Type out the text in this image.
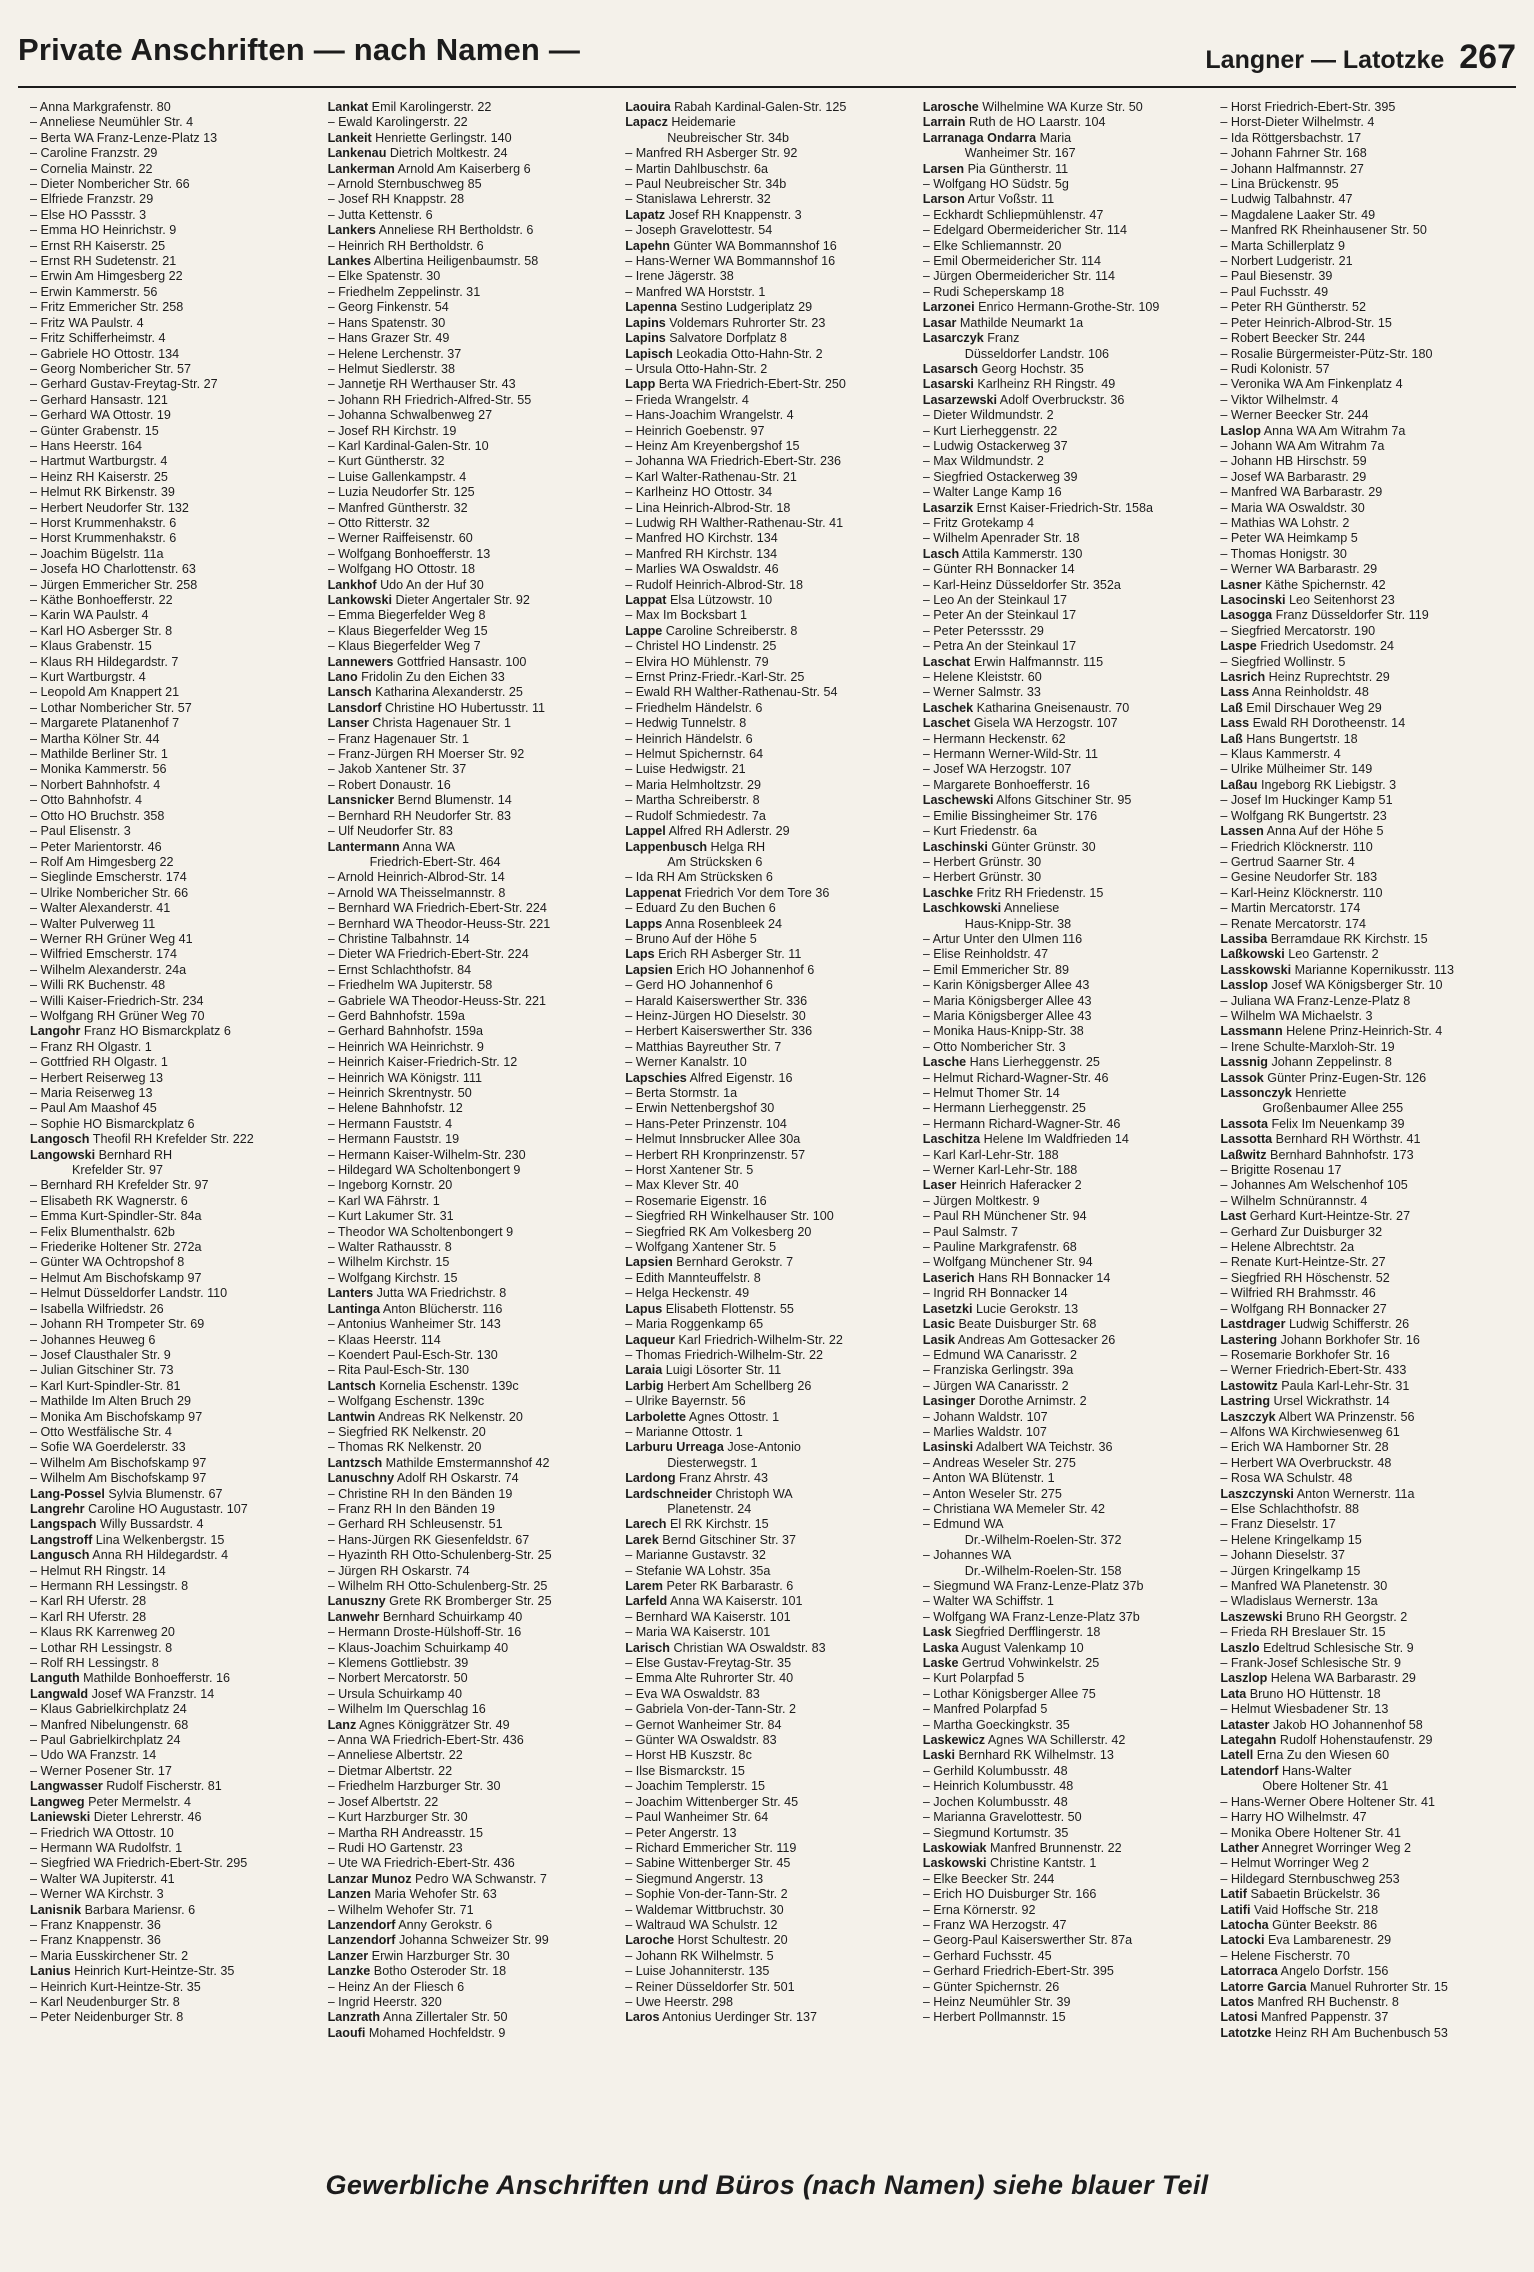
Private Anschriften — nach Namen —	Langner — Latotzke 267
– Anna Markgrafenstr. 80
– Anneliese Neumühler Str. 4
– Berta WA Franz-Lenze-Platz 13
– Caroline Franzstr. 29
– Cornelia Mainstr. 22
– Dieter Nombericher Str. 66
– Elfriede Franzstr. 29
– Else HO Passstr. 3
– Emma HO Heinrichstr. 9
– Ernst RH Kaiserstr. 25
– Ernst RH Sudetenstr. 21
– Erwin Am Himgesberg 22
– Erwin Kammerstr. 56
– Fritz Emmericher Str. 258
– Fritz WA Paulstr. 4
– Fritz Schifferheimstr. 4
– Gabriele HO Ottostr. 134
– Georg Nombericher Str. 57
– Gerhard Gustav-Freytag-Str. 27
– Gerhard Hansastr. 121
– Gerhard WA Ottostr. 19
– Günter Grabenstr. 15
– Hans Heerstr. 164
– Hartmut Wartburgstr. 4
– Heinz RH Kaiserstr. 25
– Helmut RK Birkenstr. 39
– Herbert Neudorfer Str. 132
– Horst Krummenhakstr. 6
– Horst Krummenhakstr. 6
– Joachim Bügelstr. 11a
– Josefa HO Charlottenstr. 63
– Jürgen Emmericher Str. 258
– Käthe Bonhoefferstr. 22
– Karin WA Paulstr. 4
– Karl HO Asberger Str. 8
– Klaus Grabenstr. 15
– Klaus RH Hildegardstr. 7
– Kurt Wartburgstr. 4
– Leopold Am Knappert 21
– Lothar Nombericher Str. 57
– Margarete Platanenhof 7
– Martha Kölner Str. 44
– Mathilde Berliner Str. 1
– Monika Kammerstr. 56
– Norbert Bahnhofstr. 4
– Otto Bahnhofstr. 4
– Otto HO Bruchstr. 358
– Paul Elisenstr. 3
– Peter Marientorstr. 46
– Rolf Am Himgesberg 22
– Sieglinde Emscherstr. 174
– Ulrike Nombericher Str. 66
– Walter Alexanderstr. 41
– Walter Pulverweg 11
– Werner RH Grüner Weg 41
– Wilfried Emscherstr. 174
– Wilhelm Alexanderstr. 24a
– Willi RK Buchenstr. 48
– Willi Kaiser-Friedrich-Str. 234
– Wolfgang RH Grüner Weg 70
Langohr Franz HO Bismarckplatz 6
– Franz RH Olgastr. 1
– Gottfried RH Olgastr. 1
– Herbert Reiserweg 13
– Maria Reiserweg 13
– Paul Am Maashof 45
– Sophie HO Bismarckplatz 6
Langosch Theofil RH Krefelder Str. 222
Langowski Bernhard RH
Krefelder Str. 97
– Bernhard RH Krefelder Str. 97
– Elisabeth RK Wagnerstr. 6
– Emma Kurt-Spindler-Str. 84a
– Felix Blumenthalstr. 62b
– Friederike Holtener Str. 272a
– Günter WA Ochtropshof 8
– Helmut Am Bischofskamp 97
– Helmut Düsseldorfer Landstr. 110
– Isabella Wilfriedstr. 26
– Johann RH Trompeter Str. 69
– Johannes Heuweg 6
– Josef Clausthaler Str. 9
– Julian Gitschiner Str. 73
– Karl Kurt-Spindler-Str. 81
– Mathilde Im Alten Bruch 29
– Monika Am Bischofskamp 97
– Otto Westfälische Str. 4
– Sofie WA Goerdelerstr. 33
– Wilhelm Am Bischofskamp 97
– Wilhelm Am Bischofskamp 97
Lang-Possel Sylvia Blumenstr. 67
Langrehr Caroline HO Augustastr. 107
Langspach Willy Bussardstr. 4
Langstroff Lina Welkenbergstr. 15
Langusch Anna RH Hildegardstr. 4
– Helmut RH Ringstr. 14
– Hermann RH Lessingstr. 8
– Karl RH Uferstr. 28
– Karl RH Uferstr. 28
– Klaus RK Karrenweg 20
– Lothar RH Lessingstr. 8
– Rolf RH Lessingstr. 8
Languth Mathilde Bonhoefferstr. 16
Langwald Josef WA Franzstr. 14
– Klaus Gabrielkirchplatz 24
– Manfred Nibelungenstr. 68
– Paul Gabrielkirchplatz 24
– Udo WA Franzstr. 14
– Werner Posener Str. 17
Langwasser Rudolf Fischerstr. 81
Langweg Peter Mermelstr. 4
Laniewski Dieter Lehrerstr. 46
– Friedrich WA Ottostr. 10
– Hermann WA Rudolfstr. 1
– Siegfried WA Friedrich-Ebert-Str. 295
– Walter WA Jupiterstr. 41
– Werner WA Kirchstr. 3
Lanisnik Barbara Mariensr. 6
– Franz Knappenstr. 36
– Franz Knappenstr. 36
– Maria Eusskirchener Str. 2
Lanius Heinrich Kurt-Heintze-Str. 35
– Heinrich Kurt-Heintze-Str. 35
– Karl Neudenburger Str. 8
– Peter Neidenburger Str. 8
Lankat Emil Karolingerstr. 22
– Ewald Karolingerstr. 22
Lankeit Henriette Gerlingstr. 140
Lankenau Dietrich Moltkestr. 24
Lankerman Arnold Am Kaiserberg 6
– Arnold Sternbuschweg 85
– Josef RH Knappstr. 28
– Jutta Kettenstr. 6
Lankers Anneliese RH Bertholdstr. 6
– Heinrich RH Bertholdstr. 6
Lankes Albertina Heiligenbaumstr. 58
– Elke Spatenstr. 30
– Friedhelm Zeppelinstr. 31
– Georg Finkenstr. 54
– Hans Spatenstr. 30
– Hans Grazer Str. 49
– Helene Lerchenstr. 37
– Helmut Siedlerstr. 38
– Jannetje RH Werthauser Str. 43
– Johann RH Friedrich-Alfred-Str. 55
– Johanna Schwalbenweg 27
– Josef RH Kirchstr. 19
– Karl Kardinal-Galen-Str. 10
– Kurt Güntherstr. 32
– Luise Gallenkampstr. 4
– Luzia Neudorfer Str. 125
– Manfred Güntherstr. 32
– Otto Ritterstr. 32
– Werner Raiffeisenstr. 60
– Wolfgang Bonhoefferstr. 13
– Wolfgang HO Ottostr. 18
Lankhof Udo An der Huf 30
Lankowski Dieter Angertaler Str. 92
– Emma Biegerfelder Weg 8
– Klaus Biegerfelder Weg 15
– Klaus Biegerfelder Weg 7
Lannewers Gottfried Hansastr. 100
Lano Fridolin Zu den Eichen 33
Lansch Katharina Alexanderstr. 25
Lansdorf Christine HO Hubertusstr. 11
Lanser Christa Hagenauer Str. 1
– Franz Hagenauer Str. 1
– Franz-Jürgen RH Moerser Str. 92
– Jakob Xantener Str. 37
– Robert Donaustr. 16
Lansnicker Bernd Blumenstr. 14
– Bernhard RH Neudorfer Str. 83
– Ulf Neudorfer Str. 83
Lantermann Anna WA
Friedrich-Ebert-Str. 464
– Arnold Heinrich-Albrod-Str. 14
– Arnold WA Theisselmannstr. 8
– Bernhard WA Friedrich-Ebert-Str. 224
– Bernhard WA Theodor-Heuss-Str. 221
– Christine Talbahnstr. 14
– Dieter WA Friedrich-Ebert-Str. 224
– Ernst Schlachthofstr. 84
– Friedhelm WA Jupiterstr. 58
– Gabriele WA Theodor-Heuss-Str. 221
– Gerd Bahnhofstr. 159a
– Gerhard Bahnhofstr. 159a
– Heinrich WA Heinrichstr. 9
– Heinrich Kaiser-Friedrich-Str. 12
– Heinrich WA Königstr. 111
– Heinrich Skrentnystr. 50
– Helene Bahnhofstr. 12
– Hermann Fauststr. 4
– Hermann Fauststr. 19
– Hermann Kaiser-Wilhelm-Str. 230
– Hildegard WA Scholtenbongert 9
– Ingeborg Kornstr. 20
– Karl WA Fährstr. 1
– Kurt Lakumer Str. 31
– Theodor WA Scholtenbongert 9
– Walter Rathausstr. 8
– Wilhelm Kirchstr. 15
– Wolfgang Kirchstr. 15
Lanters Jutta WA Friedrichstr. 8
Lantinga Anton Blücherstr. 116
– Antonius Wanheimer Str. 143
– Klaas Heerstr. 114
– Koendert Paul-Esch-Str. 130
– Rita Paul-Esch-Str. 130
Lantsch Kornelia Eschenstr. 139c
– Wolfgang Eschenstr. 139c
Lantwin Andreas RK Nelkenstr. 20
– Siegfried RK Nelkenstr. 20
– Thomas RK Nelkenstr. 20
Lantzsch Mathilde Emstermannshof 42
Lanuschny Adolf RH Oskarstr. 74
– Christine RH In den Bänden 19
– Franz RH In den Bänden 19
– Gerhard RH Schleusenstr. 51
– Hans-Jürgen RK Giesenfeldstr. 67
– Hyazinth RH Otto-Schulenberg-Str. 25
– Jürgen RH Oskarstr. 74
– Wilhelm RH Otto-Schulenberg-Str. 25
Lanuszny Grete RK Bromberger Str. 25
Lanwehr Bernhard Schuirkamp 40
– Hermann Droste-Hülshoff-Str. 16
– Klaus-Joachim Schuirkamp 40
– Klemens Gottliebstr. 39
– Norbert Mercatorstr. 50
– Ursula Schuirkamp 40
– Wilhelm Im Querschlag 16
Lanz Agnes Königgrätzer Str. 49
– Anna WA Friedrich-Ebert-Str. 436
– Anneliese Albertstr. 22
– Dietmar Albertstr. 22
– Friedhelm Harzburger Str. 30
– Josef Albertstr. 22
– Kurt Harzburger Str. 30
– Martha RH Andreasstr. 15
– Rudi HO Gartenstr. 23
– Ute WA Friedrich-Ebert-Str. 436
Lanzar Munoz Pedro WA Schwanstr. 7
Lanzen Maria Wehofer Str. 63
– Wilhelm Wehofer Str. 71
Lanzendorf Anny Gerokstr. 6
Lanzendorf Johanna Schweizer Str. 99
Lanzer Erwin Harzburger Str. 30
Lanzke Botho Osteroder Str. 18
– Heinz An der Fliesch 6
– Ingrid Heerstr. 320
Lanzrath Anna Zillertaler Str. 50
Laoufi Mohamed Hochfeldstr. 9
Laouira Rabah Kardinal-Galen-Str. 125
Lapacz Heidemarie
Neubreischer Str. 34b
– Manfred RH Asberger Str. 92
– Martin Dahlbuschstr. 6a
– Paul Neubreischer Str. 34b
– Stanislawa Lehrerstr. 32
Lapatz Josef RH Knappenstr. 3
– Joseph Gravelottestr. 54
Lapehn Günter WA Bommannshof 16
– Hans-Werner WA Bommannshof 16
– Irene Jägerstr. 38
– Manfred WA Horststr. 1
Lapenna Sestino Ludgeriplatz 29
Lapins Voldemars Ruhrorter Str. 23
Lapins Salvatore Dorfplatz 8
Lapisch Leokadia Otto-Hahn-Str. 2
– Ursula Otto-Hahn-Str. 2
Lapp Berta WA Friedrich-Ebert-Str. 250
– Frieda Wrangelstr. 4
– Hans-Joachim Wrangelstr. 4
– Heinrich Goebenstr. 97
– Heinz Am Kreyenbergshof 15
– Johanna WA Friedrich-Ebert-Str. 236
– Karl Walter-Rathenau-Str. 21
– Karlheinz HO Ottostr. 34
– Lina Heinrich-Albrod-Str. 18
– Ludwig RH Walther-Rathenau-Str. 41
– Manfred HO Kirchstr. 134
– Manfred RH Kirchstr. 134
– Marlies WA Oswaldstr. 46
– Rudolf Heinrich-Albrod-Str. 18
Lappat Elsa Lützowstr. 10
– Max Im Bocksbart 1
Lappe Caroline Schreiberstr. 8
– Christel HO Lindenstr. 25
– Elvira HO Mühlenstr. 79
– Ernst Prinz-Friedr.-Karl-Str. 25
– Ewald RH Walther-Rathenau-Str. 54
– Friedhelm Händelstr. 6
– Hedwig Tunnelstr. 8
– Heinrich Händelstr. 6
– Helmut Spichernstr. 64
– Luise Hedwigstr. 21
– Maria Helmholtzstr. 29
– Martha Schreiberstr. 8
– Rudolf Schmiedestr. 7a
Lappel Alfred RH Adlerstr. 29
Lappenbusch Helga RH
Am Strücksken 6
– Ida RH Am Strücksken 6
Lappenat Friedrich Vor dem Tore 36
– Eduard Zu den Buchen 6
Lapps Anna Rosenbleek 24
– Bruno Auf der Höhe 5
Laps Erich RH Asberger Str. 11
Lapsien Erich HO Johannenhof 6
– Gerd HO Johannenhof 6
– Harald Kaiserswerther Str. 336
– Heinz-Jürgen HO Dieselstr. 30
– Herbert Kaiserswerther Str. 336
– Matthias Bayreuther Str. 7
– Werner Kanalstr. 10
Lapschies Alfred Eigenstr. 16
– Berta Stormstr. 1a
– Erwin Nettenbergshof 30
– Hans-Peter Prinzenstr. 104
– Helmut Innsbrucker Allee 30a
– Herbert RH Kronprinzenstr. 57
– Horst Xantener Str. 5
– Max Klever Str. 40
– Rosemarie Eigenstr. 16
– Siegfried RH Winkelhauser Str. 100
– Siegfried RK Am Volkesberg 20
– Wolfgang Xantener Str. 5
Lapsien Bernhard Gerokstr. 7
– Edith Mannteuffelstr. 8
– Helga Heckenstr. 49
Lapus Elisabeth Flottenstr. 55
– Maria Roggenkamp 65
Laqueur Karl Friedrich-Wilhelm-Str. 22
– Thomas Friedrich-Wilhelm-Str. 22
Laraia Luigi Lösorter Str. 11
Larbig Herbert Am Schellberg 26
– Ulrike Bayernstr. 56
Larbolette Agnes Ottostr. 1
– Marianne Ottostr. 1
Larburu Urreaga Jose-Antonio
Diesterwegstr. 1
Lardong Franz Ahrstr. 43
Lardschneider Christoph WA
Planetenstr. 24
Larech El RK Kirchstr. 15
Larek Bernd Gitschiner Str. 37
– Marianne Gustavstr. 32
– Stefanie WA Lohstr. 35a
Larem Peter RK Barbarastr. 6
Larfeld Anna WA Kaiserstr. 101
– Bernhard WA Kaiserstr. 101
– Maria WA Kaiserstr. 101
Larisch Christian WA Oswaldstr. 83
– Else Gustav-Freytag-Str. 35
– Emma Alte Ruhrorter Str. 40
– Eva WA Oswaldstr. 83
– Gabriela Von-der-Tann-Str. 2
– Gernot Wanheimer Str. 84
– Günter WA Oswaldstr. 83
– Horst HB Kuszstr. 8c
– Ilse Bismarckstr. 15
– Joachim Templerstr. 15
– Joachim Wittenberger Str. 45
– Paul Wanheimer Str. 64
– Peter Angerstr. 13
– Richard Emmericher Str. 119
– Sabine Wittenberger Str. 45
– Siegmund Angerstr. 13
– Sophie Von-der-Tann-Str. 2
– Waldemar Wittbruchstr. 30
– Waltraud WA Schulstr. 12
Laroche Horst Schultestr. 20
– Johann RK Wilhelmstr. 5
– Luise Johanniterstr. 135
– Reiner Düsseldorfer Str. 501
– Uwe Heerstr. 298
Laros Antonius Uerdinger Str. 137
Larosche Wilhelmine WA Kurze Str. 50
Larrain Ruth de HO Laarstr. 104
Larranaga Ondarra Maria
Wanheimer Str. 167
Larsen Pia Güntherstr. 11
– Wolfgang HO Südstr. 5g
Larson Artur Voßstr. 11
– Eckhardt Schliepmühlenstr. 47
– Edelgard Obermeidericher Str. 114
– Elke Schliemannstr. 20
– Emil Obermeidericher Str. 114
– Jürgen Obermeidericher Str. 114
– Rudi Scheperskamp 18
Larzonei Enrico Hermann-Grothe-Str. 109
Lasar Mathilde Neumarkt 1a
Lasarczyk Franz
Düsseldorfer Landstr. 106
Lasarsch Georg Hochstr. 35
Lasarski Karlheinz RH Ringstr. 49
Lasarzewski Adolf Overbruckstr. 36
– Dieter Wildmundstr. 2
– Kurt Lierheggenstr. 22
– Ludwig Ostackerweg 37
– Max Wildmundstr. 2
– Siegfried Ostackerweg 39
– Walter Lange Kamp 16
Lasarzik Ernst Kaiser-Friedrich-Str. 158a
– Fritz Grotekamp 4
– Wilhelm Apenrader Str. 18
Lasch Attila Kammerstr. 130
– Günter RH Bonnacker 14
– Karl-Heinz Düsseldorfer Str. 352a
– Leo An der Steinkaul 17
– Peter An der Steinkaul 17
– Peter Peterssstr. 29
– Petra An der Steinkaul 17
Laschat Erwin Halfmannstr. 115
– Helene Kleiststr. 60
– Werner Salmstr. 33
Laschek Katharina Gneisenaustr. 70
Laschet Gisela WA Herzogstr. 107
– Hermann Heckenstr. 62
– Hermann Werner-Wild-Str. 11
– Josef WA Herzogstr. 107
– Margarete Bonhoefferstr. 16
Laschewski Alfons Gitschiner Str. 95
– Emilie Bissingheimer Str. 176
– Kurt Friedenstr. 6a
Laschinski Günter Grünstr. 30
– Herbert Grünstr. 30
– Herbert Grünstr. 30
Laschke Fritz RH Friedenstr. 15
Laschkowski Anneliese
Haus-Knipp-Str. 38
– Artur Unter den Ulmen 116
– Elise Reinholdstr. 47
– Emil Emmericher Str. 89
– Karin Königsberger Allee 43
– Maria Königsberger Allee 43
– Maria Königsberger Allee 43
– Monika Haus-Knipp-Str. 38
– Otto Nombericher Str. 3
Lasche Hans Lierheggenstr. 25
– Helmut Richard-Wagner-Str. 46
– Helmut Thomer Str. 14
– Hermann Lierheggenstr. 25
– Hermann Richard-Wagner-Str. 46
Laschitza Helene Im Waldfrieden 14
– Karl Karl-Lehr-Str. 188
– Werner Karl-Lehr-Str. 188
Laser Heinrich Haferacker 2
– Jürgen Moltkestr. 9
– Paul RH Münchener Str. 94
– Paul Salmstr. 7
– Pauline Markgrafenstr. 68
– Wolfgang Münchener Str. 94
Laserich Hans RH Bonnacker 14
– Ingrid RH Bonnacker 14
Lasetzki Lucie Gerokstr. 13
Lasic Beate Duisburger Str. 68
Lasik Andreas Am Gottesacker 26
– Edmund WA Canarisstr. 2
– Franziska Gerlingstr. 39a
– Jürgen WA Canarisstr. 2
Lasinger Dorothe Arnimstr. 2
– Johann Waldstr. 107
– Marlies Waldstr. 107
Lasinski Adalbert WA Teichstr. 36
– Andreas Weseler Str. 275
– Anton WA Blütenstr. 1
– Anton Weseler Str. 275
– Christiana WA Memeler Str. 42
– Edmund WA
Dr.-Wilhelm-Roelen-Str. 372
– Johannes WA
Dr.-Wilhelm-Roelen-Str. 158
– Siegmund WA Franz-Lenze-Platz 37b
– Walter WA Schiffstr. 1
– Wolfgang WA Franz-Lenze-Platz 37b
Lask Siegfried Derfflingerstr. 18
Laska August Valenkamp 10
Laske Gertrud Vohwinkelstr. 25
– Kurt Polarpfad 5
– Lothar Königsberger Allee 75
– Manfred Polarpfad 5
– Martha Goeckingkstr. 35
Laskewicz Agnes WA Schillerstr. 42
Laski Bernhard RK Wilhelmstr. 13
– Gerhild Kolumbusstr. 48
– Heinrich Kolumbusstr. 48
– Jochen Kolumbusstr. 48
– Marianna Gravelottestr. 50
– Siegmund Kortumstr. 35
Laskowiak Manfred Brunnenstr. 22
Laskowski Christine Kantstr. 1
– Elke Beecker Str. 244
– Erich HO Duisburger Str. 166
– Erna Körnerstr. 92
– Franz WA Herzogstr. 47
– Georg-Paul Kaiserswerther Str. 87a
– Gerhard Fuchsstr. 45
– Gerhard Friedrich-Ebert-Str. 395
– Günter Spichernstr. 26
– Heinz Neumühler Str. 39
– Herbert Pollmannstr. 15
– Horst Friedrich-Ebert-Str. 395
– Horst-Dieter Wilhelmstr. 4
– Ida Röttgersbachstr. 17
– Johann Fahrner Str. 168
– Johann Halfmannstr. 27
– Lina Brückenstr. 95
– Ludwig Talbahnstr. 47
– Magdalene Laaker Str. 49
– Manfred RK Rheinhausener Str. 50
– Marta Schillerplatz 9
– Norbert Ludgeristr. 21
– Paul Biesenstr. 39
– Paul Fuchsstr. 49
– Peter RH Güntherstr. 52
– Peter Heinrich-Albrod-Str. 15
– Robert Beecker Str. 244
– Rosalie Bürgermeister-Pütz-Str. 180
– Rudi Kolonistr. 57
– Veronika WA Am Finkenplatz 4
– Viktor Wilhelmstr. 4
– Werner Beecker Str. 244
Laslop Anna WA Am Witrahm 7a
– Johann WA Am Witrahm 7a
– Johann HB Hirschstr. 59
– Josef WA Barbarastr. 29
– Manfred WA Barbarastr. 29
– Maria WA Oswaldstr. 30
– Mathias WA Lohstr. 2
– Peter WA Heimkamp 5
– Thomas Honigstr. 30
– Werner WA Barbarastr. 29
Lasner Käthe Spichernstr. 42
Lasocinski Leo Seitenhorst 23
Lasogga Franz Düsseldorfer Str. 119
– Siegfried Mercatorstr. 190
Laspe Friedrich Usedomstr. 24
– Siegfried Wollinstr. 5
Lasrich Heinz Ruprechtstr. 29
Lass Anna Reinholdstr. 48
Laß Emil Dirschauer Weg 29
Lass Ewald RH Dorotheenstr. 14
Laß Hans Bungertstr. 18
– Klaus Kammerstr. 4
– Ulrike Mülheimer Str. 149
Laßau Ingeborg RK Liebigstr. 3
– Josef Im Huckinger Kamp 51
– Wolfgang RK Bungertstr. 23
Lassen Anna Auf der Höhe 5
– Friedrich Klöcknerstr. 110
– Gertrud Saarner Str. 4
– Gesine Neudorfer Str. 183
– Karl-Heinz Klöcknerstr. 110
– Martin Mercatorstr. 174
– Renate Mercatorstr. 174
Lassiba Berramdaue RK Kirchstr. 15
Laßkowski Leo Gartenstr. 2
Lasskowski Marianne Kopernikusstr. 113
Lasslop Josef WA Königsberger Str. 10
– Juliana WA Franz-Lenze-Platz 8
– Wilhelm WA Michaelstr. 3
Lassmann Helene Prinz-Heinrich-Str. 4
– Irene Schulte-Marxloh-Str. 19
Lassnig Johann Zeppelinstr. 8
Lassok Günter Prinz-Eugen-Str. 126
Lassonczyk Henriette
Großenbaumer Allee 255
Lassota Felix Im Neuenkamp 39
Lassotta Bernhard RH Wörthstr. 41
Laßwitz Bernhard Bahnhofstr. 173
– Brigitte Rosenau 17
– Johannes Am Welschenhof 105
– Wilhelm Schnürannstr. 4
Last Gerhard Kurt-Heintze-Str. 27
– Gerhard Zur Duisburger 32
– Helene Albrechtstr. 2a
– Renate Kurt-Heintze-Str. 27
– Siegfried RH Höschenstr. 52
– Wilfried RH Brahmsstr. 46
– Wolfgang RH Bonnacker 27
Lastdrager Ludwig Schifferstr. 26
Lastering Johann Borkhofer Str. 16
– Rosemarie Borkhofer Str. 16
– Werner Friedrich-Ebert-Str. 433
Lastowitz Paula Karl-Lehr-Str. 31
Lastring Ursel Wickrathstr. 14
Laszczyk Albert WA Prinzenstr. 56
– Alfons WA Kirchwiesenweg 61
– Erich WA Hamborner Str. 28
– Herbert WA Overbruckstr. 48
– Rosa WA Schulstr. 48
Laszczynski Anton Wernerstr. 11a
– Else Schlachthofstr. 88
– Franz Dieselstr. 17
– Helene Kringelkamp 15
– Johann Dieselstr. 37
– Jürgen Kringelkamp 15
– Manfred WA Planetenstr. 30
– Wladislaus Wernerstr. 13a
Laszewski Bruno RH Georgstr. 2
– Frieda RH Breslauer Str. 15
Laszlo Edeltrud Schlesische Str. 9
– Frank-Josef Schlesische Str. 9
Laszlop Helena WA Barbarastr. 29
Lata Bruno HO Hüttenstr. 18
– Helmut Wiesbadener Str. 13
Lataster Jakob HO Johannenhof 58
Lategahn Rudolf Hohenstaufenstr. 29
Latell Erna Zu den Wiesen 60
Latendorf Hans-Walter
Obere Holtener Str. 41
– Hans-Werner Obere Holtener Str. 41
– Harry HO Wilhelmstr. 47
– Monika Obere Holtener Str. 41
Lather Annegret Worringer Weg 2
– Helmut Worringer Weg 2
– Hildegard Sternbuschweg 253
Latif Sabaetin Brückelstr. 36
Latifi Vaid Hoffsche Str. 218
Latocha Günter Beekstr. 86
Latocki Eva Lambarenestr. 29
– Helene Fischerstr. 70
Latorraca Angelo Dorfstr. 156
Latorre Garcia Manuel Ruhrorter Str. 15
Latos Manfred RH Buchenstr. 8
Latosi Manfred Pappenstr. 37
Latotzke Heinz RH Am Buchenbusch 53
Gewerbliche Anschriften und Büros (nach Namen) siehe blauer Teil
